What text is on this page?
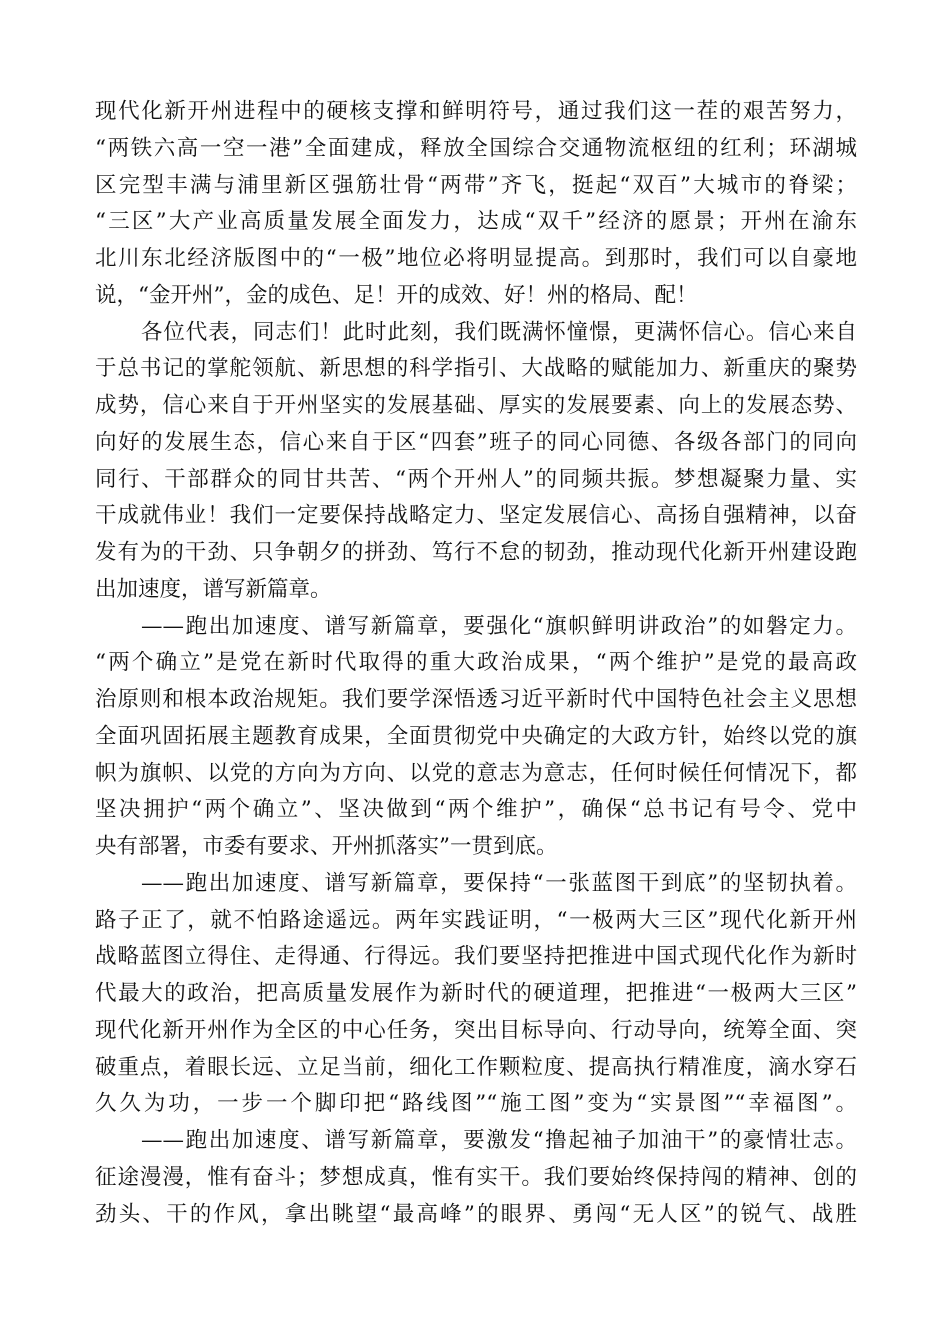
现代化新开州进程中的硬核支撑和鲜明符号，通过我们这一茬的艰苦努力，
“两铁六高一空一港”全面建成，释放全国综合交通物流枢纽的红利；环湖城
区完型丰满与浦里新区强筋壮骨“两带”齐飞，挺起“双百”大城市的脊梁；
“三区”大产业高质量发展全面发力，达成“双千”经济的愿景；开州在渝东
北川东北经济版图中的“一极”地位必将明显提高。到那时，我们可以自豪地
说，“金开州”，金的成色、足！开的成效、好！州的格局、配！
各位代表，同志们！此时此刻，我们既满怀憧憬，更满怀信心。信心来自
于总书记的掌舵领航、新思想的科学指引、大战略的赋能加力、新重庆的聚势
成势，信心来自于开州坚实的发展基础、厚实的发展要素、向上的发展态势、
向好的发展生态，信心来自于区“四套”班子的同心同德、各级各部门的同向
同行、干部群众的同甘共苦、“两个开州人”的同频共振。梦想凝聚力量、实
干成就伟业！我们一定要保持战略定力、坚定发展信心、高扬自强精神，以奋
发有为的干劲、只争朝夕的拼劲、笃行不怠的韧劲，推动现代化新开州建设跑
出加速度，谱写新篇章。
——跑出加速度、谱写新篇章，要强化“旗帜鲜明讲政治”的如磐定力。
“两个确立”是党在新时代取得的重大政治成果，“两个维护”是党的最高政
治原则和根本政治规矩。我们要学深悟透习近平新时代中国特色社会主义思想
全面巩固拓展主题教育成果，全面贯彻党中央确定的大政方针，始终以党的旗
帜为旗帜、以党的方向为方向、以党的意志为意志，任何时候任何情况下，都
坚决拥护“两个确立”、坚决做到“两个维护”，确保“总书记有号令、党中
央有部署，市委有要求、开州抓落实”一贯到底。
——跑出加速度、谱写新篇章，要保持“一张蓝图干到底”的坚韧执着。
路子正了，就不怕路途遥远。两年实践证明，“一极两大三区”现代化新开州
战略蓝图立得住、走得通、行得远。我们要坚持把推进中国式现代化作为新时
代最大的政治，把高质量发展作为新时代的硬道理，把推进“一极两大三区”
现代化新开州作为全区的中心任务，突出目标导向、行动导向，统筹全面、突
破重点，着眼长远、立足当前，细化工作颗粒度、提高执行精准度，滴水穿石
久久为功，一步一个脚印把“路线图”“施工图”变为“实景图”“幸福图”。
——跑出加速度、谱写新篇章，要激发“撸起袖子加油干”的豪情壮志。
征途漫漫，惟有奋斗；梦想成真，惟有实干。我们要始终保持闯的精神、创的
劲头、干的作风，拿出眺望“最高峰”的眼界、勇闯“无人区”的锐气、战胜
